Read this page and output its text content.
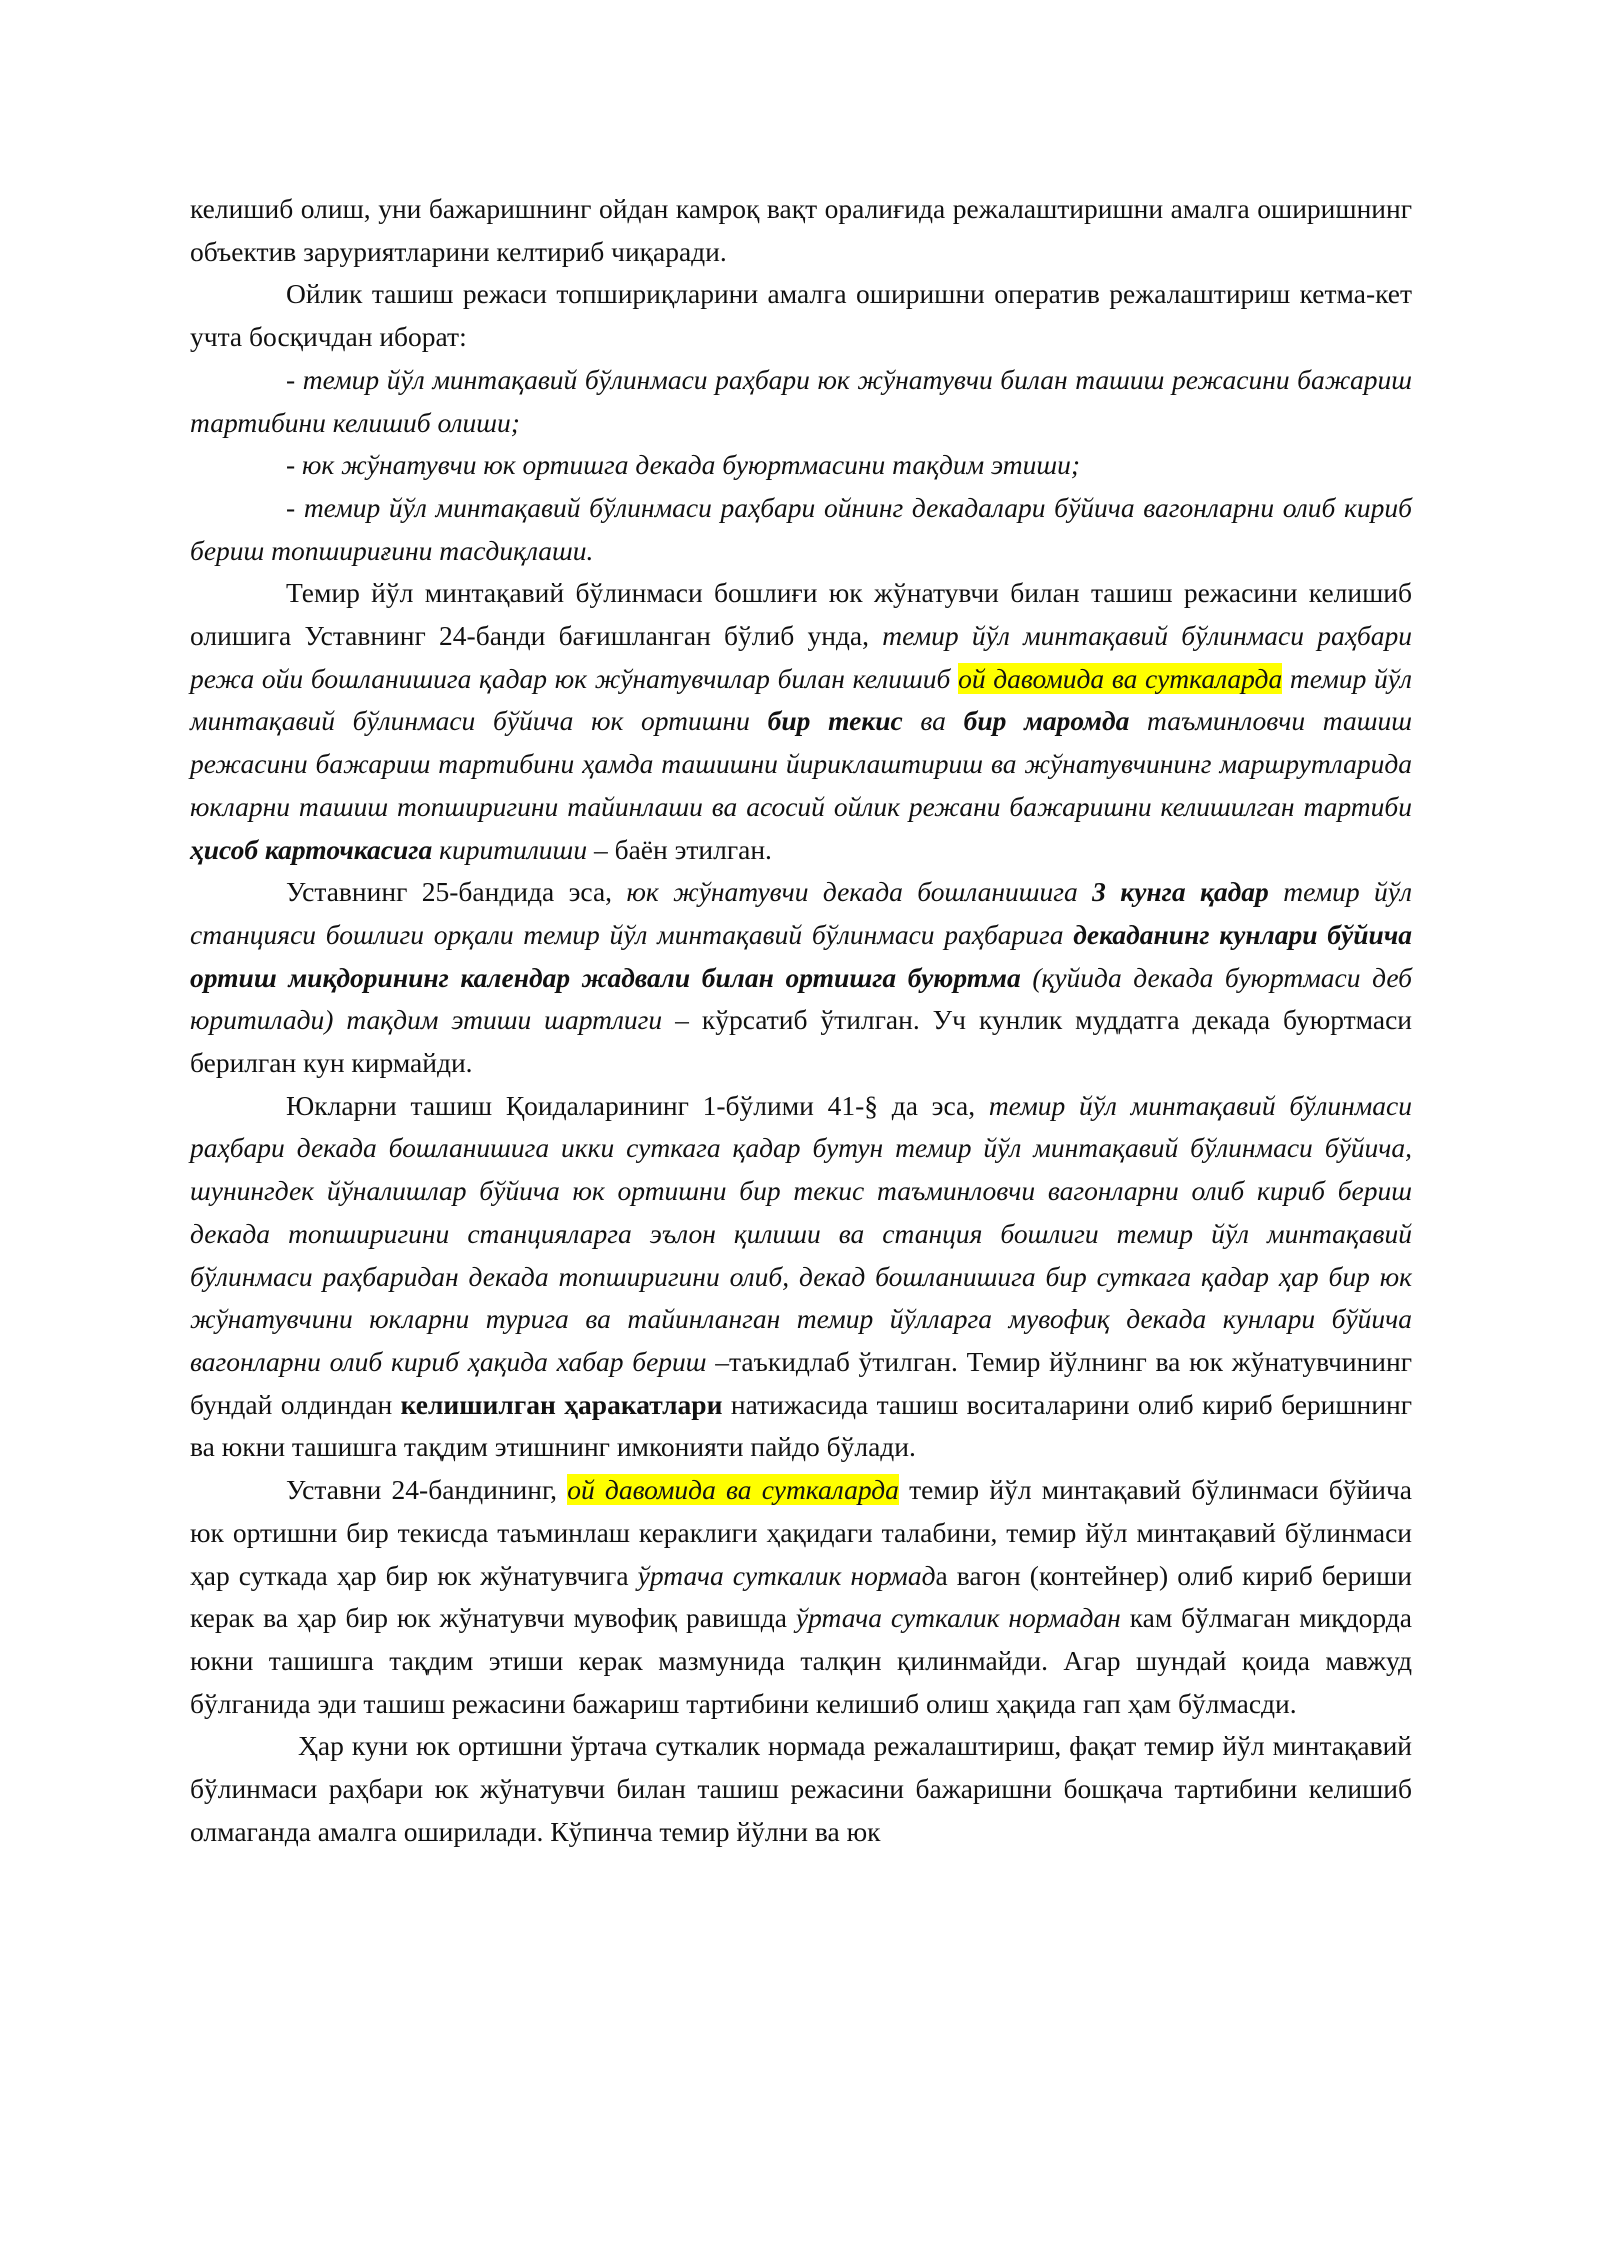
келишиб олиш, уни бажаришнинг ойдан камроқ вақт оралиғида режалаштиришни амалга оширишнинг объектив заруриятларини келтириб чиқаради.

Ойлик ташиш режаси топшириқларини амалга оширишни оператив режалаштириш кетма-кет учта босқичдан иборат:

- темир йўл минтақавий бўлинмаси раҳбари юк жўнатувчи билан ташиш режасини бажариш тартибини келишиб олиши;

- юк жўнатувчи юк ортишга декада буюртмасини тақдим этиши;

- темир йўл минтақавий бўлинмаси раҳбари ойнинг декадалари бўйича вагонларни олиб кириб бериш топшириғини тасдиқлаши.

Темир йўл минтақавий бўлинмаси бошлиғи юк жўнатувчи билан ташиш режасини келишиб олишига Уставнинг 24-банди бағишланган бўлиб унда, темир йўл минтақавий бўлинмаси раҳбари режа ойи бошланишига қадар юк жўнатувчилар билан келишиб ой давомида ва суткаларда темир йўл минтақавий бўлинмаси бўйича юк ортишни бир текис ва бир маромда таъминловчи ташиш режасини бажариш тартибини ҳамда ташишни йириклаштириш ва жўнатувчининг маршрутларида юкларни ташиш топширигини тайинлаши ва асосий ойлик режани бажаришни келишилган тартиби ҳисоб карточкасига киритилиши – баён этилган.

Уставнинг 25-бандида эса, юк жўнатувчи декада бошланишига 3 кунга қадар темир йўл станцияси бошлиги орқали темир йўл минтақавий бўлинмаси раҳбарига декаданинг кунлари бўйича ортиш миқдорининг календар жадвали билан ортишга буюртма (қуйида декада буюртмаси деб юритилади) тақдим этиши шартлиги – кўрсатиб ўтилган. Уч кунлик муддатга декада буюртмаси берилган кун кирмайди.

Юкларни ташиш Қоидаларининг 1-бўлими 41-§ да эса, темир йўл минтақавий бўлинмаси раҳбари декада бошланишига икки суткага қадар бутун темир йўл минтақавий бўлинмаси бўйича, шунингдек йўналишлар бўйича юк ортишни бир текис таъминловчи вагонларни олиб кириб бериш декада топширигини станцияларга эълон қилиши ва станция бошлиги темир йўл минтақавий бўлинмаси раҳбаридан декада топширигини олиб, декад бошланишига бир суткага қадар ҳар бир юк жўнатувчини юкларни турига ва тайинланган темир йўлларга мувофиқ декада кунлари бўйича вагонларни олиб кириб ҳақида хабар бериш –таъкидлаб ўтилган. Темир йўлнинг ва юк жўнатувчининг бундай олдиндан келишилган ҳаракатлари натижасида ташиш воситаларини олиб кириб беришнинг ва юкни ташишга тақдим этишнинг имконияти пайдо бўлади.

Уставни 24-бандининг, ой давомида ва суткаларда темир йўл минтақавий бўлинмаси бўйича юк ортишни бир текисда таъминлаш кераклиги ҳақидаги талабини, темир йўл минтақавий бўлинмаси ҳар суткада ҳар бир юк жўнатувчига ўртача суткалик нормада вагон (контейнер) олиб кириб бериши керак ва ҳар бир юк жўнатувчи мувофиқ равишда ўртача суткалик нормадан кам бўлмаган миқдорда юкни ташишга тақдим этиши керак мазмунида талқин қилинмайди. Агар шундай қоида мавжуд бўлганида эди ташиш режасини бажариш тартибини келишиб олиш ҳақида гап ҳам бўлмасди.

Ҳар куни юк ортишни ўртача суткалик нормада режалаштириш, фақат темир йўл минтақавий бўлинмаси раҳбари юк жўнатувчи билан ташиш режасини бажаришни бошқача тартибини келишиб олмаганда амалга оширилади. Кўпинча темир йўлни ва юк
